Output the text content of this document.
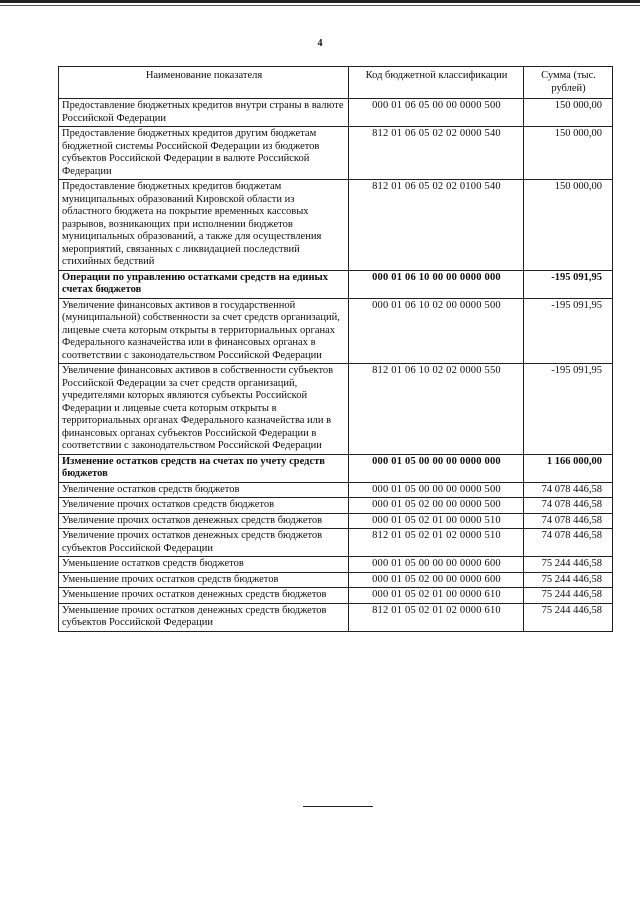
4
Наименование показателя	Код бюджетной классификации	Сумма (тыс. рублей)
Предоставление бюджетных кредитов внутри страны в валюте Российской Федерации	000 01 06 05 00 00 0000 500	150 000,00
Предоставление бюджетных кредитов другим бюджетам бюджетной системы Российской Федерации из бюджетов субъектов Российской Федерации в валюте Российской Федерации	812 01 06 05 02 02 0000 540	150 000,00
Предоставление бюджетных кредитов бюджетам муниципальных образований Кировской области из областного бюджета на покрытие временных кассовых разрывов, возникающих при исполнении бюджетов муниципальных образований, а также для осуществления мероприятий, связанных с ликвидацией последствий стихийных бедствий	812 01 06 05 02 02 0100 540	150 000,00
Операции по управлению остатками средств на единых счетах бюджетов	000 01 06 10 00 00 0000 000	-195 091,95
Увеличение финансовых активов в государственной (муниципальной) собственности за счет средств организаций, лицевые счета которым открыты в территориальных органах Федерального казначейства или в финансовых органах в соответствии с законодательством Российской Федерации	000 01 06 10 02 00 0000 500	-195 091,95
Увеличение финансовых активов в собственности субъектов Российской Федерации за счет средств организаций, учредителями которых являются субъекты Российской Федерации и лицевые счета которым открыты в территориальных органах Федерального казначейства или в финансовых органах субъектов Российской Федерации в соответствии с законодательством Российской Федерации	812 01 06 10 02 02 0000 550	-195 091,95
Изменение остатков средств на счетах по учету средств бюджетов	000 01 05 00 00 00 0000 000	1 166 000,00
Увеличение остатков средств бюджетов	000 01 05 00 00 00 0000 500	74 078 446,58
Увеличение прочих остатков средств бюджетов	000 01 05 02 00 00 0000 500	74 078 446,58
Увеличение прочих остатков денежных средств бюджетов	000 01 05 02 01 00 0000 510	74 078 446,58
Увеличение прочих остатков денежных средств бюджетов субъектов Российской Федерации	812 01 05 02 01 02 0000 510	74 078 446,58
Уменьшение остатков средств бюджетов	000 01 05 00 00 00 0000 600	75 244 446,58
Уменьшение прочих остатков средств бюджетов	000 01 05 02 00 00 0000 600	75 244 446,58
Уменьшение прочих остатков денежных средств бюджетов	000 01 05 02 01 00 0000 610	75 244 446,58
Уменьшение прочих остатков денежных средств бюджетов субъектов Российской Федерации	812 01 05 02 01 02 0000 610	75 244 446,58
